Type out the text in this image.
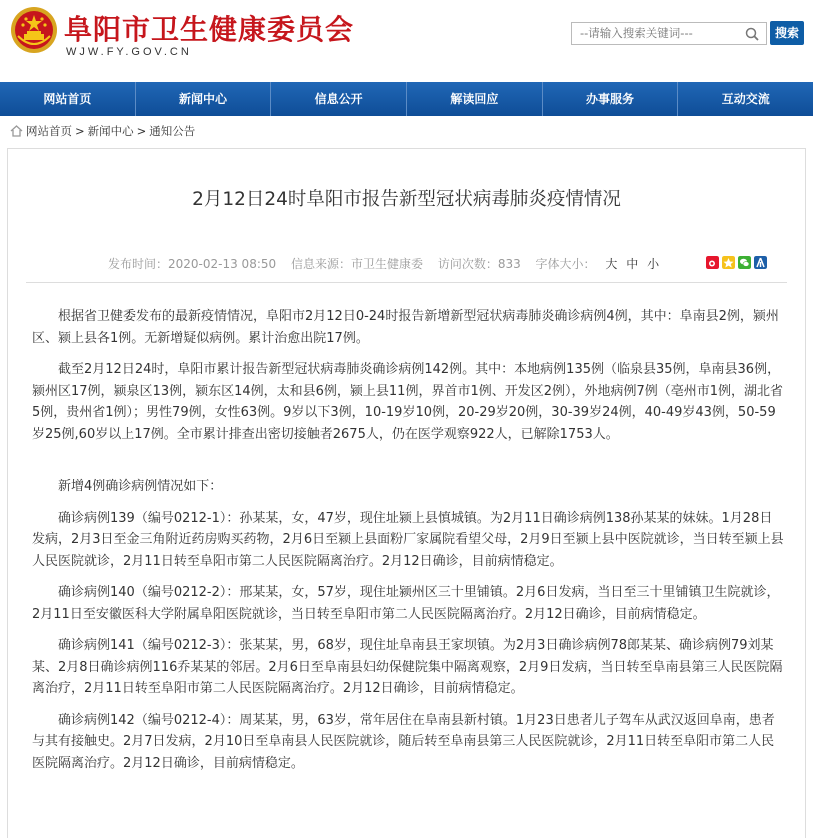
阜阳市卫生健康委员会
WJW.FY.GOV.CN
--请输入搜索关键词---	搜索
网站首页	新闻中心	信息公开	解读回应	办事服务	互动交流
网站首页 > 新闻中心 > 通知公告
2月12日24时阜阳市报告新型冠状病毒肺炎疫情情况
发布时间：2020-02-13 08:50 信息来源：市卫生健康委 访问次数：833 字体大小： 大 中 小

根据省卫健委发布的最新疫情情况，阜阳市2月12日0-24时报告新增新型冠状病毒肺炎确诊病例4例，其中：阜南县2例，颍州区、颍上县各1例。无新增疑似病例。累计治愈出院17例。

截至2月12日24时，阜阳市累计报告新型冠状病毒肺炎确诊病例142例。其中：本地病例135例（临泉县35例，阜南县36例，颍州区17例，颍泉区13例，颍东区14例，太和县6例，颍上县11例，界首市1例、开发区2例），外地病例7例（亳州市1例，湖北省5例，贵州省1例）；男性79例，女性63例。9岁以下3例，10-19岁10例，20-29岁20例，30-39岁24例，40-49岁43例，50-59岁25例,60岁以上17例。全市累计排查出密切接触者2675人，仍在医学观察922人，已解除1753人。

新增4例确诊病例情况如下：

确诊病例139（编号0212-1）：孙某某，女，47岁，现住址颍上县慎城镇。为2月11日确诊病例138孙某某的妹妹。1月28日发病，2月3日至金三角附近药房购买药物，2月6日至颍上县面粉厂家属院看望父母，2月9日至颍上县中医院就诊，当日转至颍上县人民医院就诊，2月11日转至阜阳市第二人民医院隔离治疗。2月12日确诊，目前病情稳定。

确诊病例140（编号0212-2）：邢某某，女，57岁，现住址颍州区三十里铺镇。2月6日发病，当日至三十里铺镇卫生院就诊，2月11日至安徽医科大学附属阜阳医院就诊，当日转至阜阳市第二人民医院隔离治疗。2月12日确诊，目前病情稳定。

确诊病例141（编号0212-3）：张某某，男，68岁，现住址阜南县王家坝镇。为2月3日确诊病例78郎某某、确诊病例79刘某某、2月8日确诊病例116乔某某的邻居。2月6日至阜南县妇幼保健院集中隔离观察，2月9日发病，当日转至阜南县第三人民医院隔离治疗，2月11日转至阜阳市第二人民医院隔离治疗。2月12日确诊，目前病情稳定。

确诊病例142（编号0212-4）：周某某，男，63岁，常年居住在阜南县新村镇。1月23日患者儿子驾车从武汉返回阜南，患者与其有接触史。2月7日发病，2月10日至阜南县人民医院就诊，随后转至阜南县第三人民医院就诊，2月11日转至阜阳市第二人民医院隔离治疗。2月12日确诊，目前病情稳定。
